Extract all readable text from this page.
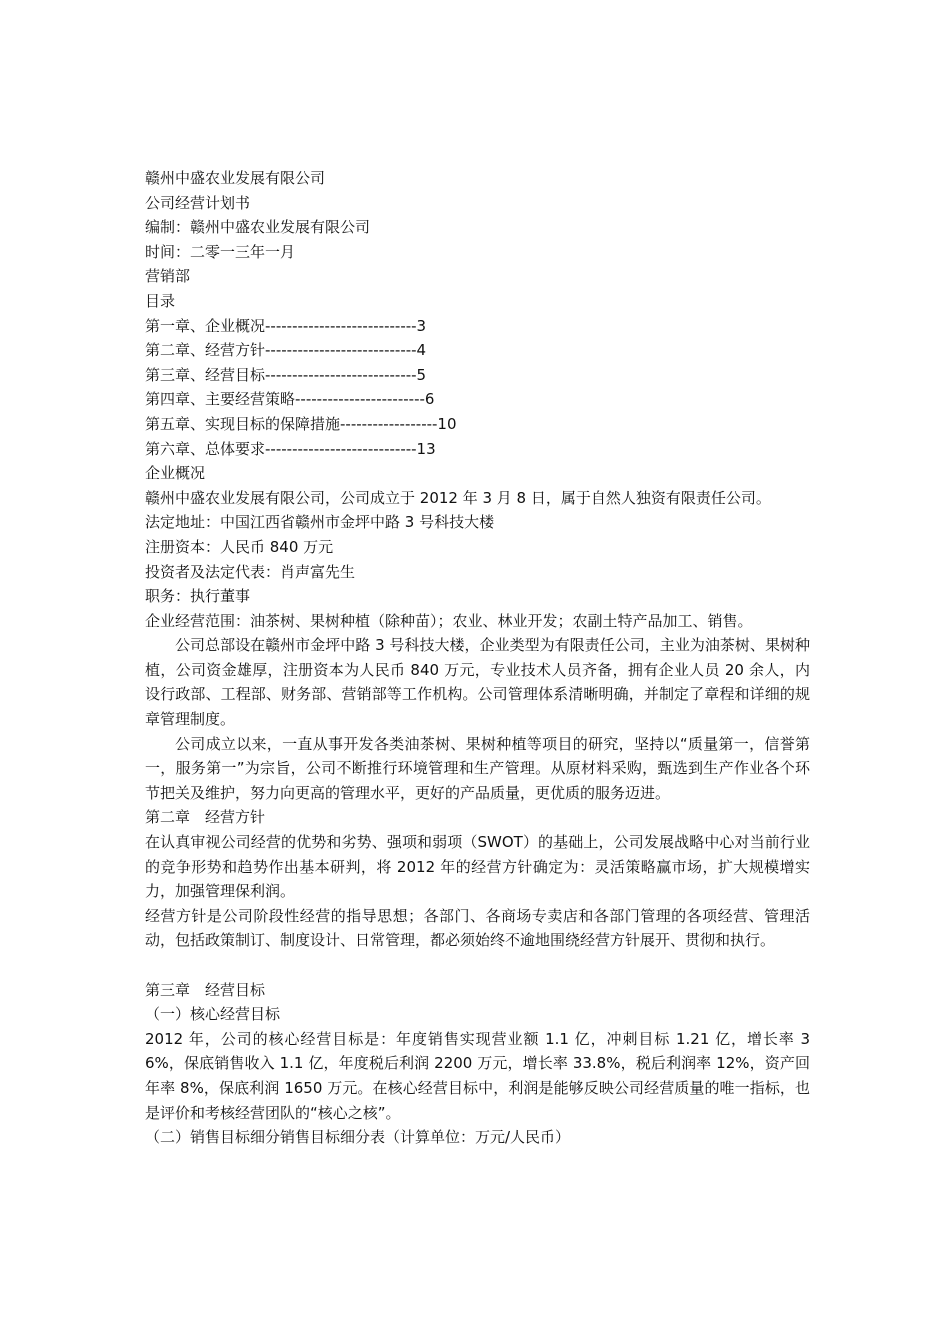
赣州中盛农业发展有限公司
公司经营计划书
编制：赣州中盛农业发展有限公司
时间：二零一三年一月
营销部
目录
第一章、企业概况----------------------------3
第二章、经营方针----------------------------4
第三章、经营目标----------------------------5
第四章、主要经营策略------------------------6
第五章、实现目标的保障措施------------------10
第六章、总体要求----------------------------13
企业概况
赣州中盛农业发展有限公司，公司成立于 2012 年 3 月 8 日，属于自然人独资有限责任公司。
法定地址：中国江西省赣州市金坪中路 3 号科技大楼
注册资本：人民币 840 万元
投资者及法定代表：肖声富先生
职务：执行董事
企业经营范围：油茶树、果树种植（除种苗）；农业、林业开发；农副土特产品加工、销售。
公司总部设在赣州市金坪中路 3 号科技大楼，企业类型为有限责任公司，主业为油茶树、果树种植，公司资金雄厚，注册资本为人民币 840 万元，专业技术人员齐备，拥有企业人员 20 余人，内设行政部、工程部、财务部、营销部等工作机构。公司管理体系清晰明确，并制定了章程和详细的规章管理制度。
公司成立以来，一直从事开发各类油茶树、果树种植等项目的研究，坚持以“质量第一，信誉第一，服务第一”为宗旨，公司不断推行环境管理和生产管理。从原材料采购，甄选到生产作业各个环节把关及维护，努力向更高的管理水平，更好的产品质量，更优质的服务迈进。
第二章　经营方针
在认真审视公司经营的优势和劣势、强项和弱项（SWOT）的基础上，公司发展战略中心对当前行业的竞争形势和趋势作出基本研判，将 2012 年的经营方针确定为：灵活策略赢市场，扩大规模增实力，加强管理保利润。
经营方针是公司阶段性经营的指导思想；各部门、各商场专卖店和各部门管理的各项经营、管理活动，包括政策制订、制度设计、日常管理，都必须始终不逾地围绕经营方针展开、贯彻和执行。
第三章　经营目标
（一）核心经营目标
2012 年，公司的核心经营目标是：年度销售实现营业额 1.1 亿，冲刺目标 1.21 亿，增长率 36%，保底销售收入 1.1 亿，年度税后利润 2200 万元，增长率 33.8%，税后利润率 12%，资产回年率 8%，保底利润 1650 万元。在核心经营目标中，利润是能够反映公司经营质量的唯一指标，也是评价和考核经营团队的“核心之核”。
（二）销售目标细分销售目标细分表（计算单位：万元/人民币）
